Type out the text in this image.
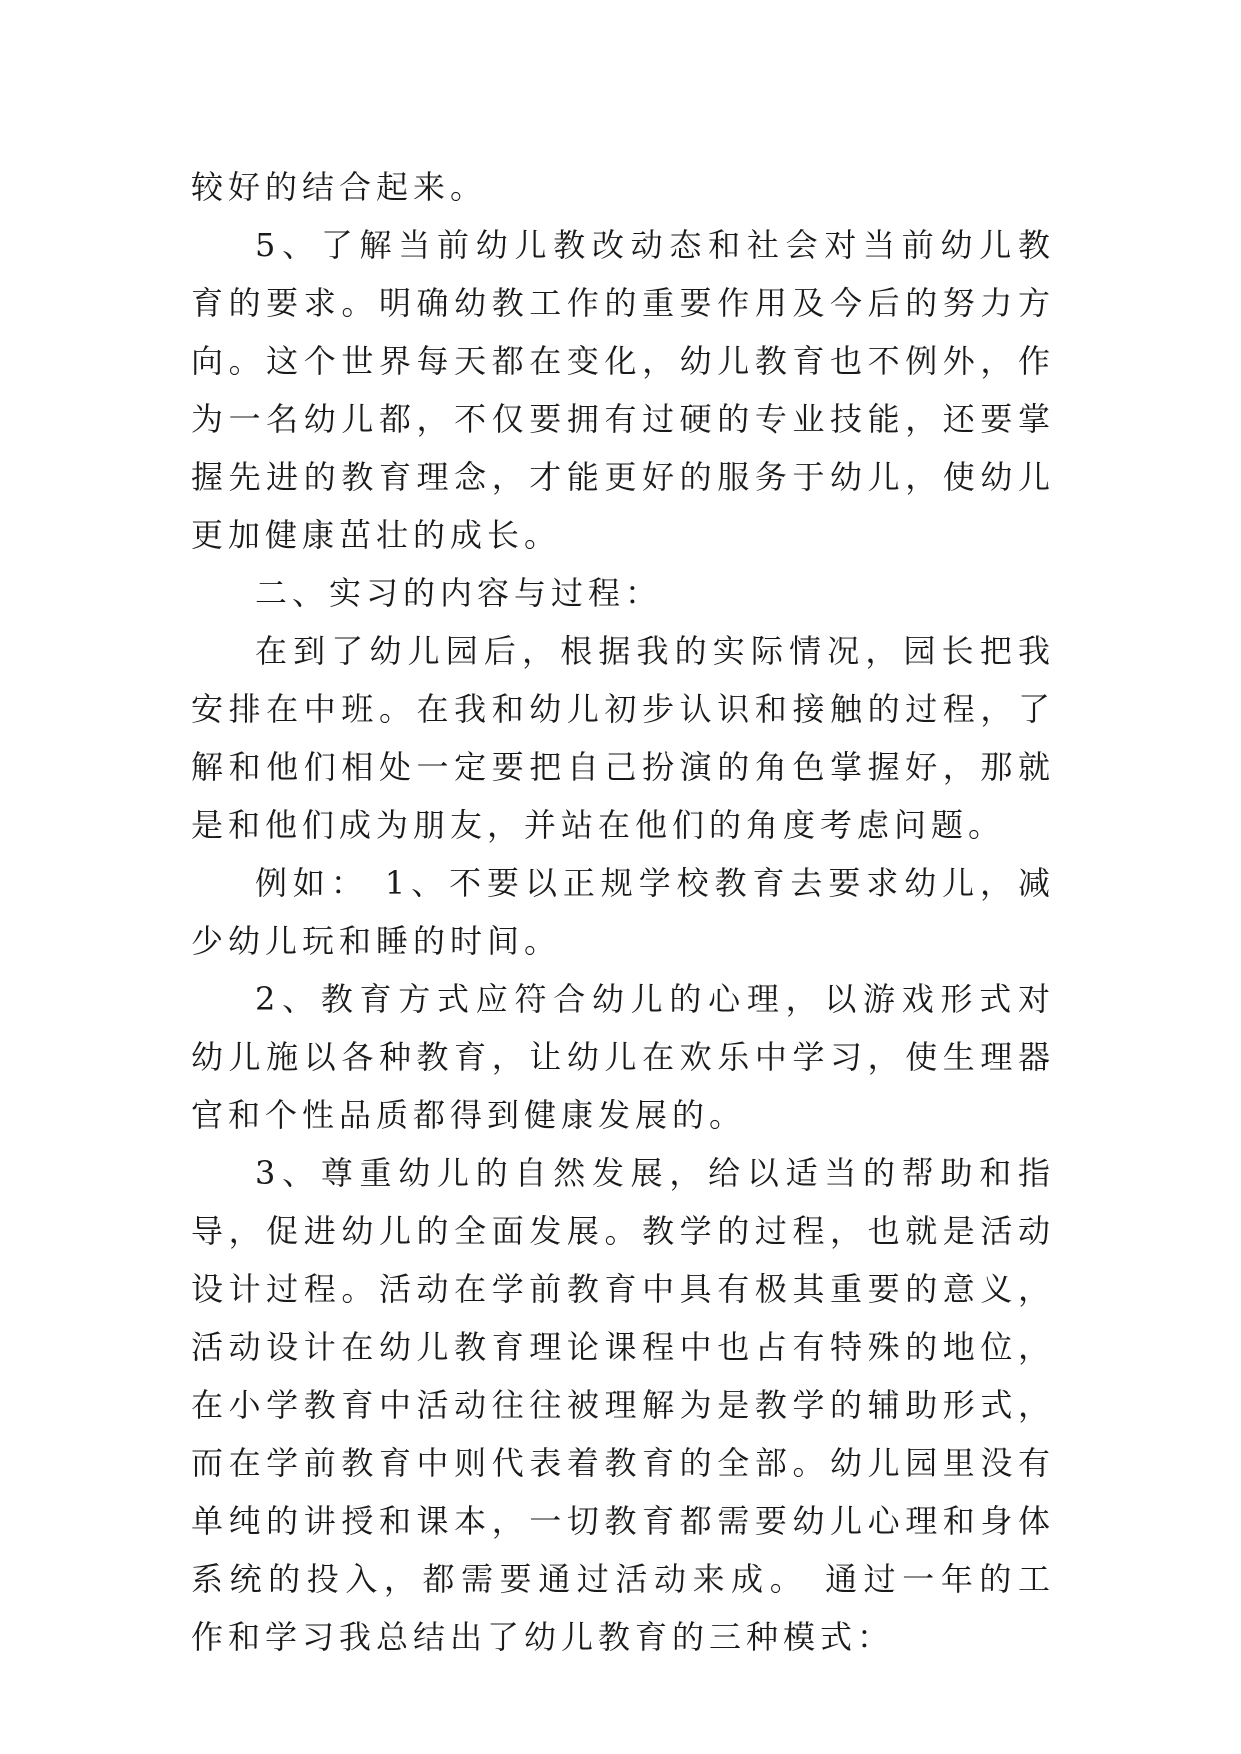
较好的结合起来。

5、了解当前幼儿教改动态和社会对当前幼儿教育的要求。明确幼教工作的重要作用及今后的努力方向。这个世界每天都在变化，幼儿教育也不例外，作为一名幼儿都，不仅要拥有过硬的专业技能，还要掌握先进的教育理念，才能更好的服务于幼儿，使幼儿更加健康茁壮的成长。

二、实习的内容与过程：

在到了幼儿园后，根据我的实际情况，园长把我安排在中班。在我和幼儿初步认识和接触的过程，了解和他们相处一定要把自己扮演的角色掌握好，那就是和他们成为朋友，并站在他们的角度考虑问题。

例如： 1、不要以正规学校教育去要求幼儿，减少幼儿玩和睡的时间。

2、教育方式应符合幼儿的心理，以游戏形式对幼儿施以各种教育，让幼儿在欢乐中学习，使生理器官和个性品质都得到健康发展的。

3、尊重幼儿的自然发展，给以适当的帮助和指导，促进幼儿的全面发展。教学的过程，也就是活动设计过程。活动在学前教育中具有极其重要的意义，活动设计在幼儿教育理论课程中也占有特殊的地位，在小学教育中活动往往被理解为是教学的辅助形式，而在学前教育中则代表着教育的全部。幼儿园里没有单纯的讲授和课本，一切教育都需要幼儿心理和身体系统的投入，都需要通过活动来成。 通过一年的工作和学习我总结出了幼儿教育的三种模式：
